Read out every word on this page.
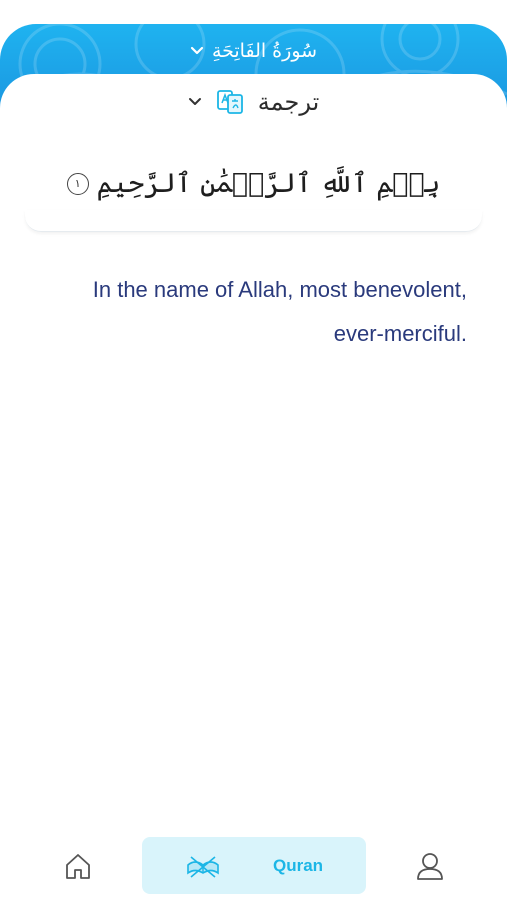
سُورَةُ الفَاتِحَةِ
ترجمة
بِسۡمِ ٱللَّهِ ٱلرَّحۡمَٰنِ ٱلرَّحِيمِ
١
In the name of Allah, most benevolent, ever-merciful.
Quran
